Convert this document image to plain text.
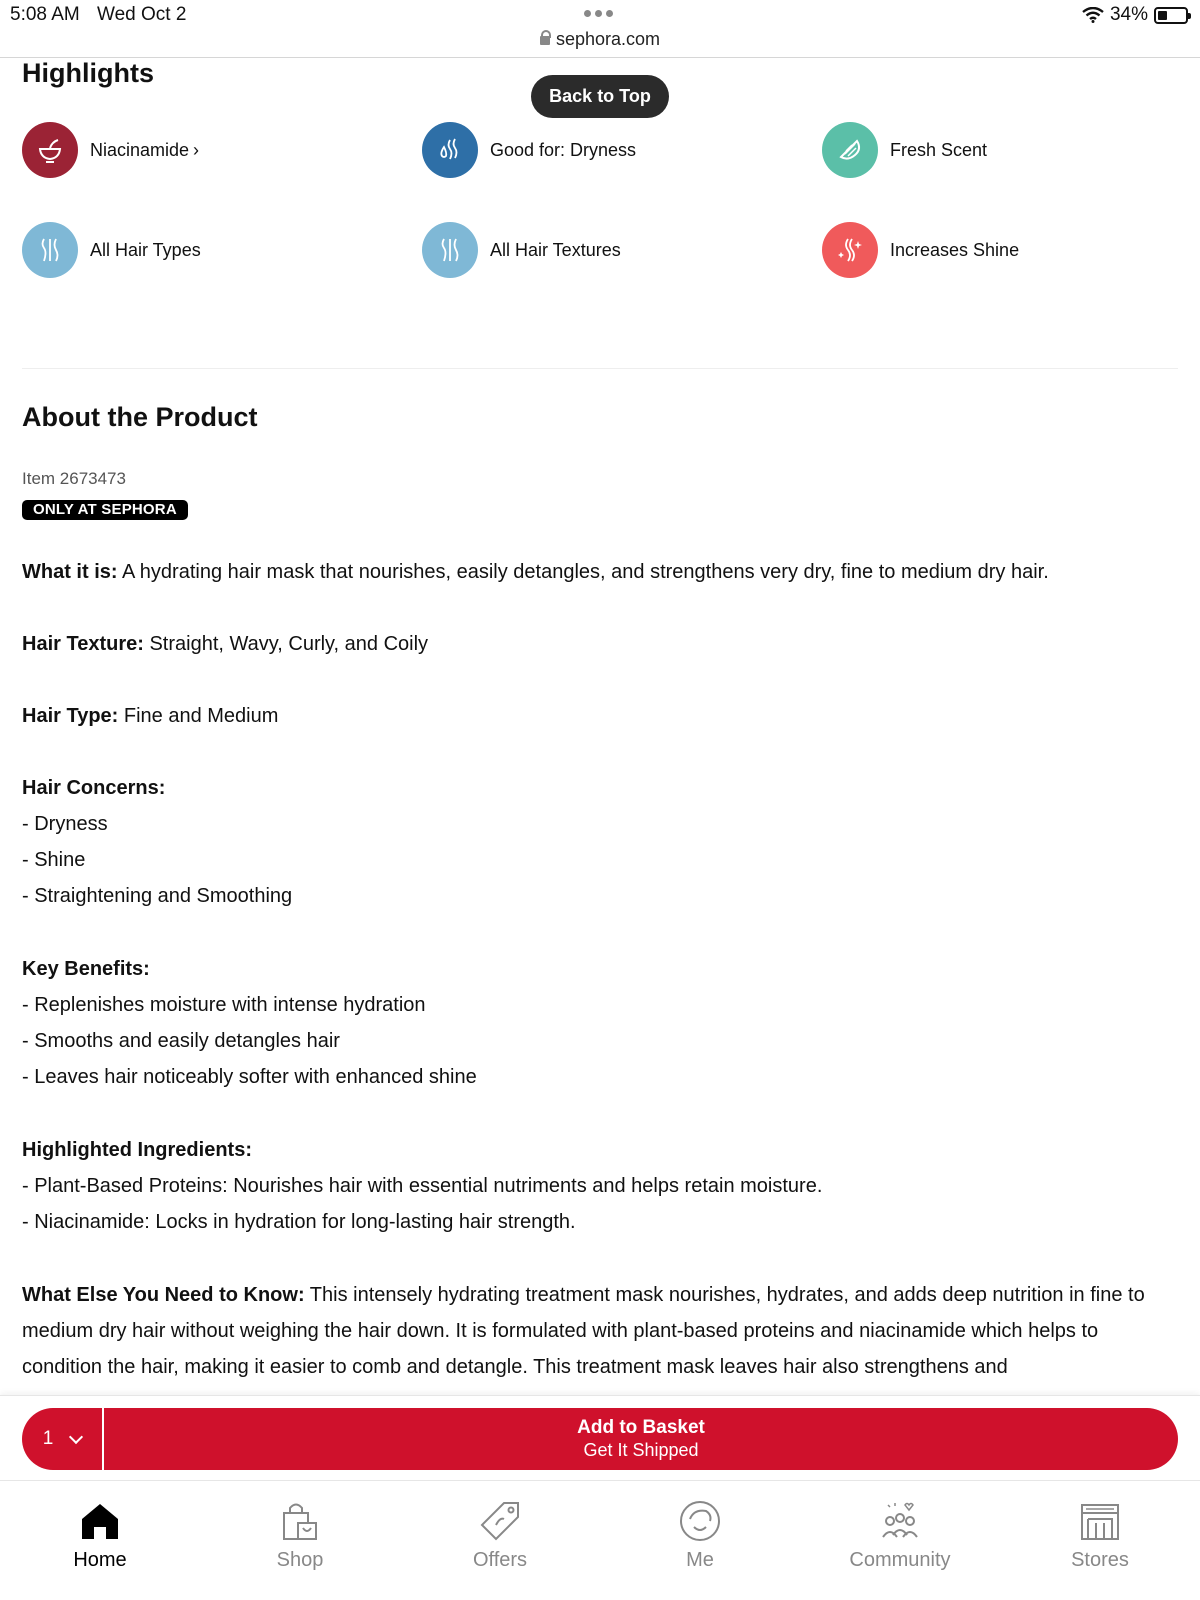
5:08 AM Wed Oct 2	34%
sephora.com
Highlights
Back to Top
Niacinamide ›	Good for: Dryness	Fresh Scent
All Hair Types	All Hair Textures	Increases Shine
About the Product
Item 2673473
ONLY AT SEPHORA
What it is: A hydrating hair mask that nourishes, easily detangles, and strengthens very dry, fine to medium dry hair.
Hair Texture: Straight, Wavy, Curly, and Coily
Hair Type: Fine and Medium
Hair Concerns:
- Dryness
- Shine
- Straightening and Smoothing
Key Benefits:
- Replenishes moisture with intense hydration
- Smooths and easily detangles hair
- Leaves hair noticeably softer with enhanced shine
Highlighted Ingredients:
- Plant-Based Proteins: Nourishes hair with essential nutriments and helps retain moisture.
- Niacinamide: Locks in hydration for long-lasting hair strength.
What Else You Need to Know: This intensely hydrating treatment mask nourishes, hydrates, and adds deep nutrition in fine to medium dry hair without weighing the hair down. It is formulated with plant-based proteins and niacinamide which helps to condition the hair, making it easier to comb and detangle. This treatment mask leaves hair also strengthens and
1
Add to Basket
Get It Shipped
Home	Shop	Offers	Me	Community	Stores
